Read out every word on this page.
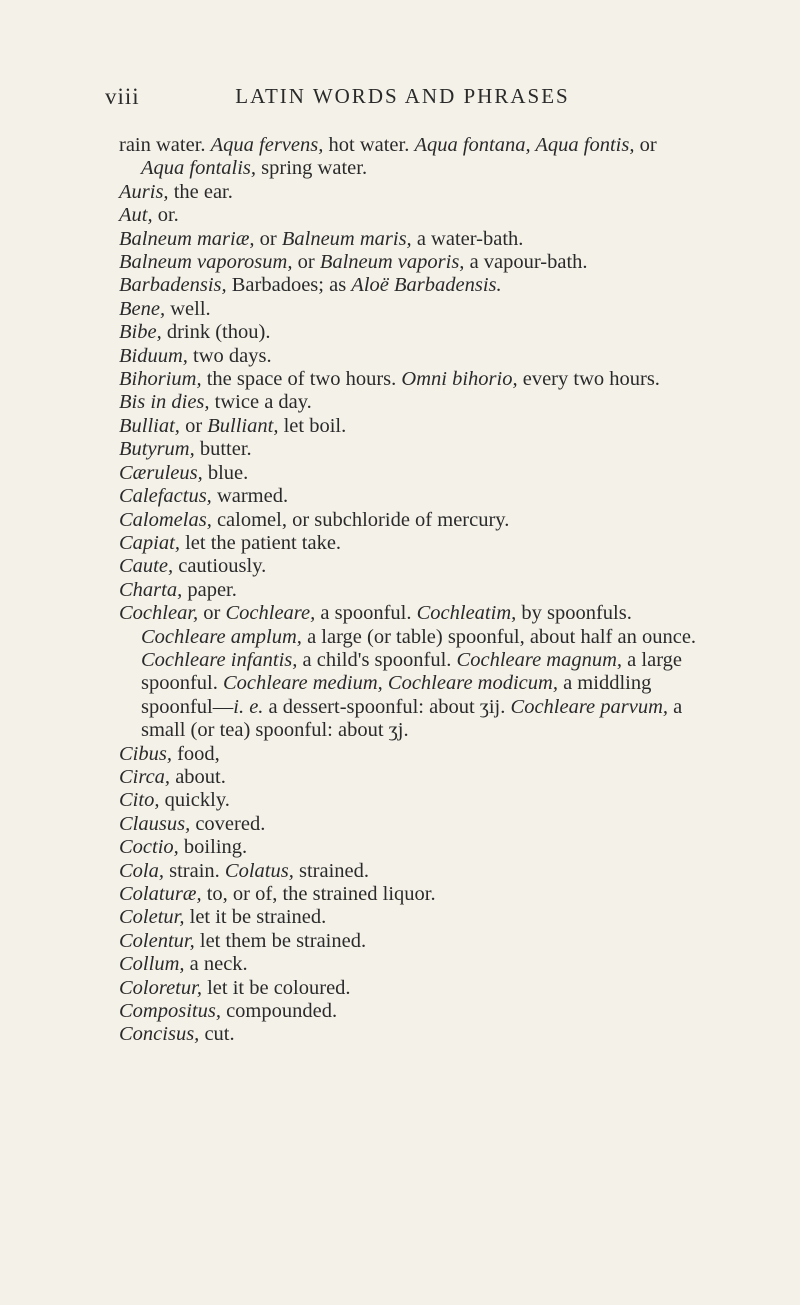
viii	LATIN WORDS AND PHRASES

rain water. Aqua fervens, hot water. Aqua fontana, Aqua fontis, or Aqua fontalis, spring water.

Auris, the ear.

Aut, or.

Balneum mariæ, or Balneum maris, a water-bath.

Balneum vaporosum, or Balneum vaporis, a vapour-bath.

Barbadensis, Barbadoes; as Aloë Barbadensis.

Bene, well.

Bibe, drink (thou).

Biduum, two days.

Bihorium, the space of two hours. Omni bihorio, every two hours.

Bis in dies, twice a day.

Bulliat, or Bulliant, let boil.

Butyrum, butter.

Cæruleus, blue.

Calefactus, warmed.

Calomelas, calomel, or subchloride of mercury.

Capiat, let the patient take.

Caute, cautiously.

Charta, paper.

Cochlear, or Cochleare, a spoonful. Cochleatim, by spoonfuls. Cochleare amplum, a large (or table) spoonful, about half an ounce. Cochleare infantis, a child's spoonful. Cochleare magnum, a large spoonful. Cochleare medium, Cochleare modicum, a middling spoonful—i. e. a dessert-spoonful: about ʒij. Cochleare parvum, a small (or tea) spoonful: about ʒj.

Cibus, food,

Circa, about.

Cito, quickly.

Clausus, covered.

Coctio, boiling.

Cola, strain. Colatus, strained.

Colaturæ, to, or of, the strained liquor.

Coletur, let it be strained.

Colentur, let them be strained.

Collum, a neck.

Coloretur, let it be coloured.

Compositus, compounded.

Concisus, cut.
